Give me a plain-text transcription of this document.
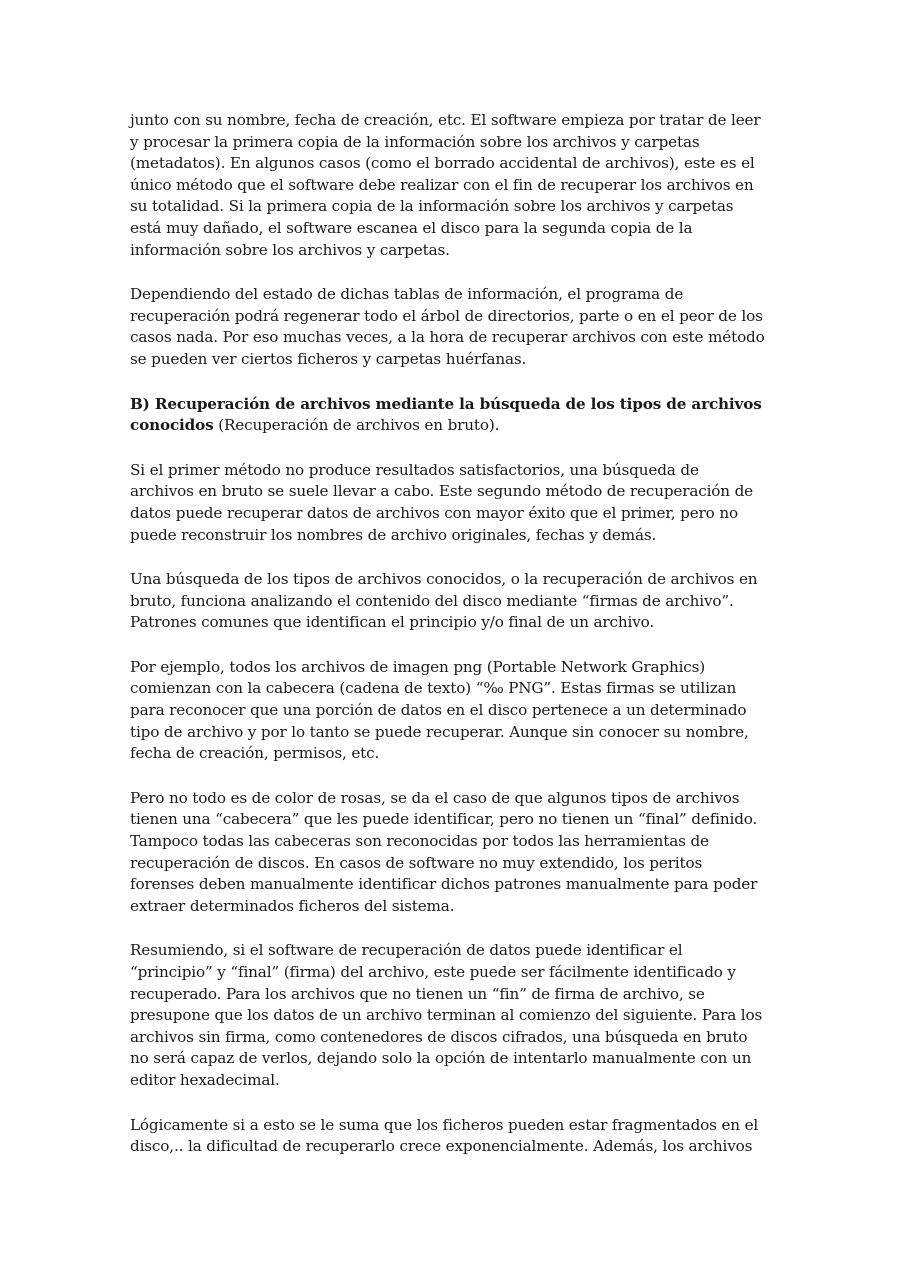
junto con su nombre, fecha de creación, etc. El software empieza por tratar de leer
y procesar la primera copia de la información sobre los archivos y carpetas
(metadatos). En algunos casos (como el borrado accidental de archivos), este es el
único método que el software debe realizar con el fin de recuperar los archivos en
su totalidad. Si la primera copia de la información sobre los archivos y carpetas
está muy dañado, el software escanea el disco para la segunda copia de la
información sobre los archivos y carpetas.

Dependiendo del estado de dichas tablas de información, el programa de
recuperación podrá regenerar todo el árbol de directorios, parte o en el peor de los
casos nada. Por eso muchas veces, a la hora de recuperar archivos con este método
se pueden ver ciertos ficheros y carpetas huérfanas.

B) Recuperación de archivos mediante la búsqueda de los tipos de archivos
conocidos (Recuperación de archivos en bruto).

Si el primer método no produce resultados satisfactorios, una búsqueda de
archivos en bruto se suele llevar a cabo. Este segundo método de recuperación de
datos puede recuperar datos de archivos con mayor éxito que el primer, pero no
puede reconstruir los nombres de archivo originales, fechas y demás.

Una búsqueda de los tipos de archivos conocidos, o la recuperación de archivos en
bruto, funciona analizando el contenido del disco mediante “firmas de archivo”.
Patrones comunes que identifican el principio y/o final de un archivo.

Por ejemplo, todos los archivos de imagen png (Portable Network Graphics)
comienzan con la cabecera (cadena de texto) “‰ PNG”. Estas firmas se utilizan
para reconocer que una porción de datos en el disco pertenece a un determinado
tipo de archivo y por lo tanto se puede recuperar. Aunque sin conocer su nombre,
fecha de creación, permisos, etc.

Pero no todo es de color de rosas, se da el caso de que algunos tipos de archivos
tienen una “cabecera” que les puede identificar, pero no tienen un “final” definido.
Tampoco todas las cabeceras son reconocidas por todos las herramientas de
recuperación de discos. En casos de software no muy extendido, los peritos
forenses deben manualmente identificar dichos patrones manualmente para poder
extraer determinados ficheros del sistema.

Resumiendo, si el software de recuperación de datos puede identificar el
“principio” y “final” (firma) del archivo, este puede ser fácilmente identificado y
recuperado. Para los archivos que no tienen un “fin” de firma de archivo, se
presupone que los datos de un archivo terminan al comienzo del siguiente. Para los
archivos sin firma, como contenedores de discos cifrados, una búsqueda en bruto
no será capaz de verlos, dejando solo la opción de intentarlo manualmente con un
editor hexadecimal.

Lógicamente si a esto se le suma que los ficheros pueden estar fragmentados en el
disco,.. la dificultad de recuperarlo crece exponencialmente. Además, los archivos
